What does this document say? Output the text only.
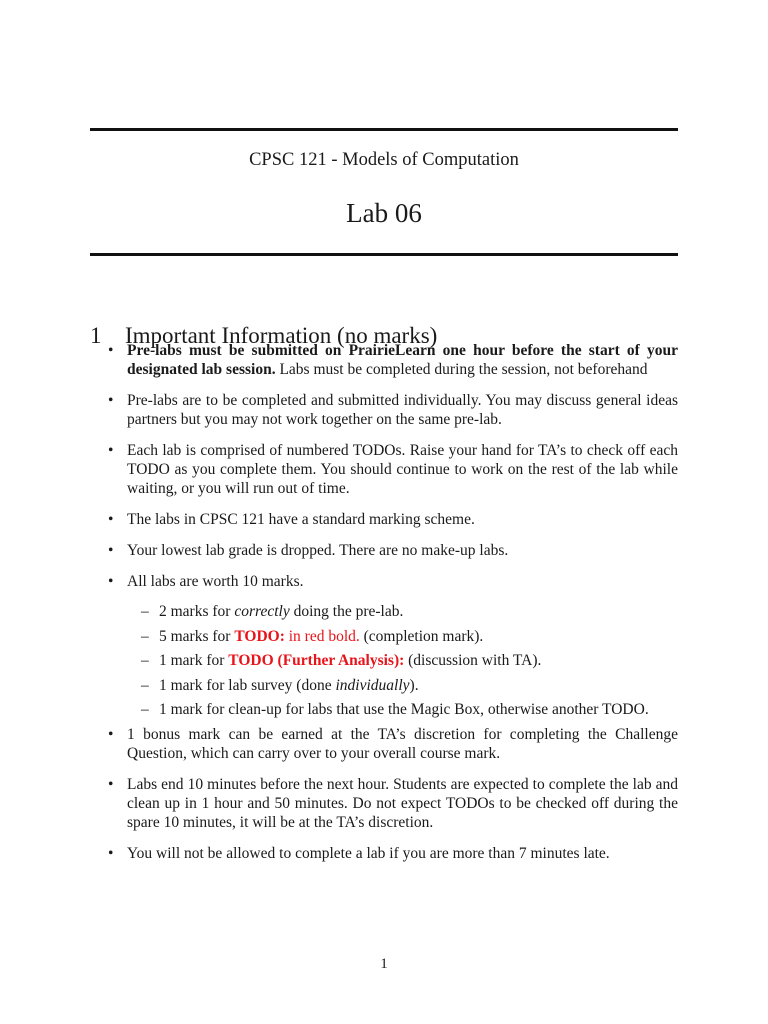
CPSC 121 - Models of Computation
Lab 06
1 Important Information (no marks)
• Pre-labs must be submitted on PrairieLearn one hour before the start of your designated lab session. Labs must be completed during the session, not beforehand
• Pre-labs are to be completed and submitted individually. You may discuss general ideas partners but you may not work together on the same pre-lab.
• Each lab is comprised of numbered TODOs. Raise your hand for TA’s to check off each TODO as you complete them. You should continue to work on the rest of the lab while waiting, or you will run out of time.
• The labs in CPSC 121 have a standard marking scheme.
• Your lowest lab grade is dropped. There are no make-up labs.
• All labs are worth 10 marks.
– 2 marks for correctly doing the pre-lab.
– 5 marks for TODO: in red bold. (completion mark).
– 1 mark for TODO (Further Analysis): (discussion with TA).
– 1 mark for lab survey (done individually).
– 1 mark for clean-up for labs that use the Magic Box, otherwise another TODO.
• 1 bonus mark can be earned at the TA’s discretion for completing the Challenge Question, which can carry over to your overall course mark.
• Labs end 10 minutes before the next hour. Students are expected to complete the lab and clean up in 1 hour and 50 minutes. Do not expect TODOs to be checked off during the spare 10 minutes, it will be at the TA’s discretion.
• You will not be allowed to complete a lab if you are more than 7 minutes late.
1
